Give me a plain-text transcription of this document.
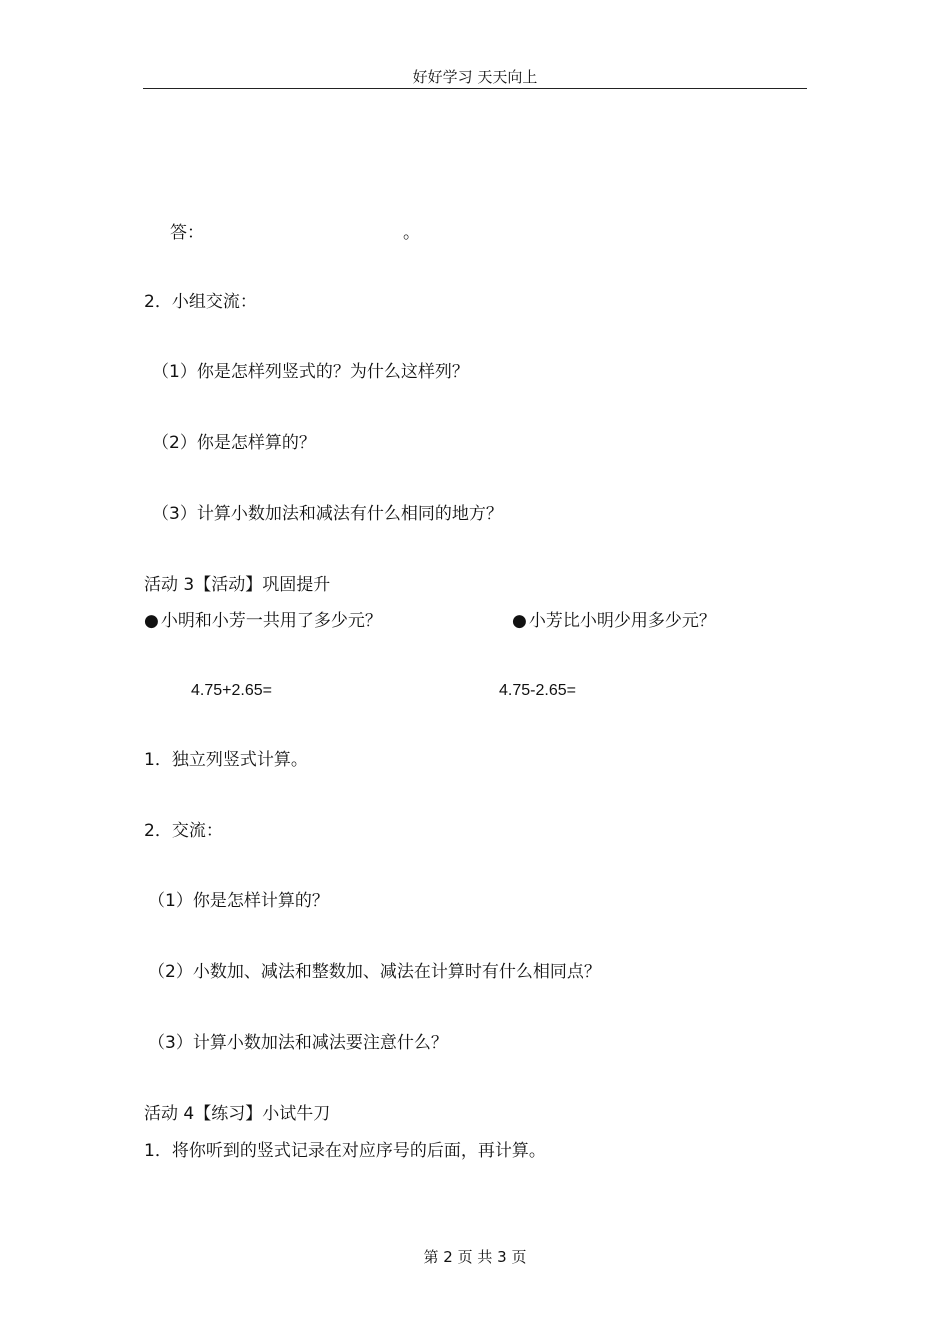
好好学习 天天向上
答：	。
2．小组交流：
（1）你是怎样列竖式的？为什么这样列？
（2）你是怎样算的？
（3）计算小数加法和减法有什么相同的地方？
活动 3【活动】巩固提升
● 小明和小芳一共用了多少元？	● 小芳比小明少用多少元？
4.75+2.65=	4.75-2.65=
1．独立列竖式计算。
2．交流：
（1）你是怎样计算的？
（2）小数加、减法和整数加、减法在计算时有什么相同点？
（3）计算小数加法和减法要注意什么？
活动 4【练习】小试牛刀
1．将你听到的竖式记录在对应序号的后面，再计算。
第 2 页 共 3 页
